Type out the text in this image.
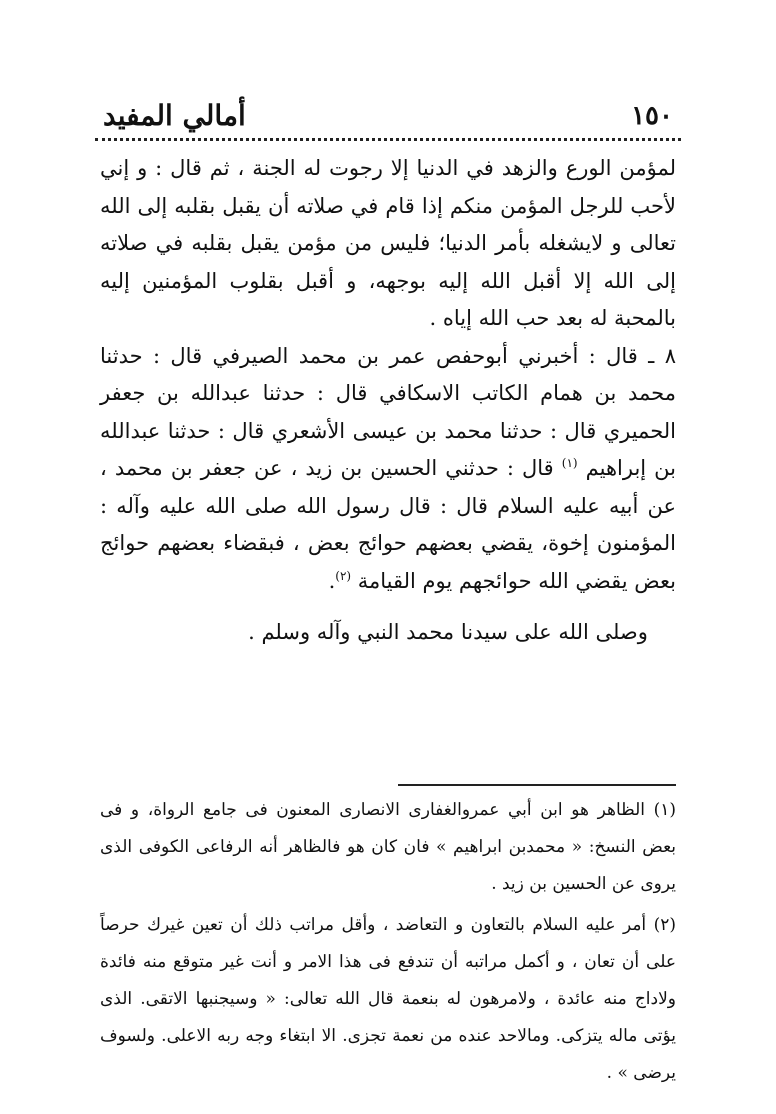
١٥٠
أمالي المفيد

لمؤمن الورع والزهد في الدنيا إلا رجوت له الجنة ، ثم قال : و إني لأحب للرجل المؤمن منكم إذا قام في صلاته أن يقبل بقلبه إلى الله تعالى و لايشغله بأمر الدنيا؛ فليس من مؤمن يقبل بقلبه في صلاته إلى الله إلا أقبل الله إليه بوجهه، و أقبل بقلوب المؤمنين إليه بالمحبة له بعد حب الله إياه .

٨ ـ قال : أخبرني أبوحفص عمر بن محمد الصيرفي قال : حدثنا محمد بن همام الكاتب الاسكافي قال : حدثنا عبدالله بن جعفر الحميري قال : حدثنا محمد بن عيسى الأشعري قال : حدثنا عبدالله بن إبراهيم $^{(١)}$ قال : حدثني الحسين بن زيد ، عن جعفر بن محمد ، عن أبيه عليه السلام قال : قال رسول الله صلى الله عليه وآله : المؤمنون إخوة، يقضي بعضهم حوائج بعض ، فبقضاء بعضهم حوائج بعض يقضي الله حوائجهم يوم القيامة $^{(٢)}$.

وصلى الله على سيدنا محمد النبي وآله وسلم .

(١) الظاهر هو ابن أبي عمروالغفارى الانصارى المعنون فى جامع الرواة، و فى بعض النسخ: « محمدبن ابراهيم » فان كان هو فالظاهر أنه الرفاعى الكوفى الذى يروى عن الحسين بن زيد .

(٢) أمر عليه السلام بالتعاون و التعاضد ، وأقل مراتب ذلك أن تعين غيرك حرصاً على أن تعان ، و أكمل مراتبه أن تندفع فى هذا الامر و أنت غير متوقع منه فائدة ولاداج منه عائدة ، ولامرهون له بنعمة قال الله تعالى: « وسيجنبها الاتقى. الذى يؤتى ماله يتزكى. ومالاحد عنده من نعمة تجزى. الا ابتغاء وجه ربه الاعلى. ولسوف يرضى » .
